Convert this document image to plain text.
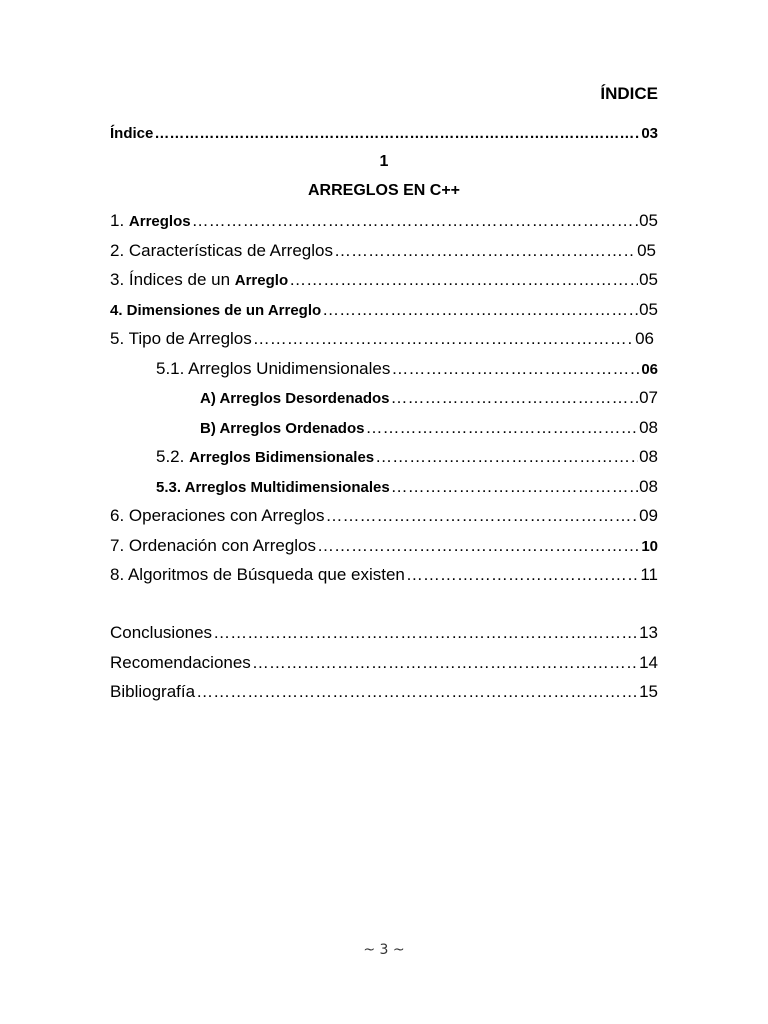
ÍNDICE
Índice ………………………………………………………………………………………………………………………………………………………………	03
1
ARREGLOS EN C++
1. Arreglos ………………………………………………………………………………………………………………………………………………………………	05
2. Características de Arreglos ………………………………………………………………………………………………………………………………………………………………	05
3. Índices de un Arreglo ………………………………………………………………………………………………………………………………………………………………	05
4. Dimensiones de un Arreglo ………………………………………………………………………………………………………………………………………………………………	05
5. Tipo de Arreglos ………………………………………………………………………………………………………………………………………………………………	06
5.1. Arreglos Unidimensionales ………………………………………………………………………………………………………………………………………………………………	06
A) Arreglos Desordenados ………………………………………………………………………………………………………………………………………………………………	07
B) Arreglos Ordenados ………………………………………………………………………………………………………………………………………………………………	08
5.2. Arreglos Bidimensionales ………………………………………………………………………………………………………………………………………………………………	08
5.3. Arreglos Multidimensionales ………………………………………………………………………………………………………………………………………………………………	08
6. Operaciones con Arreglos ………………………………………………………………………………………………………………………………………………………………	09
7. Ordenación con Arreglos ………………………………………………………………………………………………………………………………………………………………	10
8. Algoritmos de Búsqueda que existen ………………………………………………………………………………………………………………………………………………………………	11
Conclusiones ………………………………………………………………………………………………………………………………………………………………	13
Recomendaciones ………………………………………………………………………………………………………………………………………………………………	14
Bibliografía ………………………………………………………………………………………………………………………………………………………………	15
~ 3 ~
